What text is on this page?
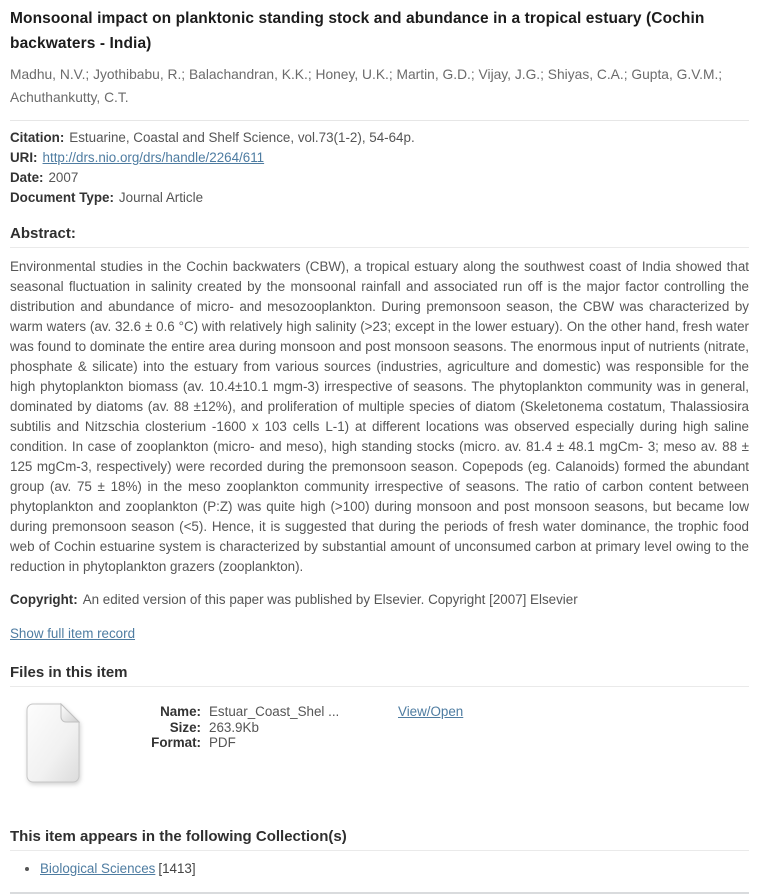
Monsoonal impact on planktonic standing stock and abundance in a tropical estuary (Cochin backwaters - India)
Madhu, N.V.; Jyothibabu, R.; Balachandran, K.K.; Honey, U.K.; Martin, G.D.; Vijay, J.G.; Shiyas, C.A.; Gupta, G.V.M.; Achuthankutty, C.T.
Citation: Estuarine, Coastal and Shelf Science, vol.73(1-2), 54-64p.
URI: http://drs.nio.org/drs/handle/2264/611
Date: 2007
Document Type: Journal Article
Abstract:

Environmental studies in the Cochin backwaters (CBW), a tropical estuary along the southwest coast of India showed that seasonal fluctuation in salinity created by the monsoonal rainfall and associated run off is the major factor controlling the distribution and abundance of micro- and mesozooplankton. During premonsoon season, the CBW was characterized by warm waters (av. 32.6 ± 0.6 °C) with relatively high salinity (>23; except in the lower estuary). On the other hand, fresh water was found to dominate the entire area during monsoon and post monsoon seasons. The enormous input of nutrients (nitrate, phosphate & silicate) into the estuary from various sources (industries, agriculture and domestic) was responsible for the high phytoplankton biomass (av. 10.4±10.1 mgm-3) irrespective of seasons. The phytoplankton community was in general, dominated by diatoms (av. 88 ±12%), and proliferation of multiple species of diatom (Skeletonema costatum, Thalassiosira subtilis and Nitzschia closterium -1600 x 103 cells L-1) at different locations was observed especially during high saline condition. In case of zooplankton (micro- and meso), high standing stocks (micro. av. 81.4 ± 48.1 mgCm- 3; meso av. 88 ± 125 mgCm-3, respectively) were recorded during the premonsoon season. Copepods (eg. Calanoids) formed the abundant group (av. 75 ± 18%) in the meso zooplankton community irrespective of seasons. The ratio of carbon content between phytoplankton and zooplankton (P:Z) was quite high (>100) during monsoon and post monsoon seasons, but became low during premonsoon season (<5). Hence, it is suggested that during the periods of fresh water dominance, the trophic food web of Cochin estuarine system is characterized by substantial amount of unconsumed carbon at primary level owing to the reduction in phytoplankton grazers (zooplankton).

Copyright: An edited version of this paper was published by Elsevier. Copyright [2007] Elsevier
Show full item record
Files in this item
Name: Estuar_Coast_Shel ...
Size: 263.9Kb
Format: PDF
View/Open
This item appears in the following Collection(s)
• Biological Sciences [1413]
